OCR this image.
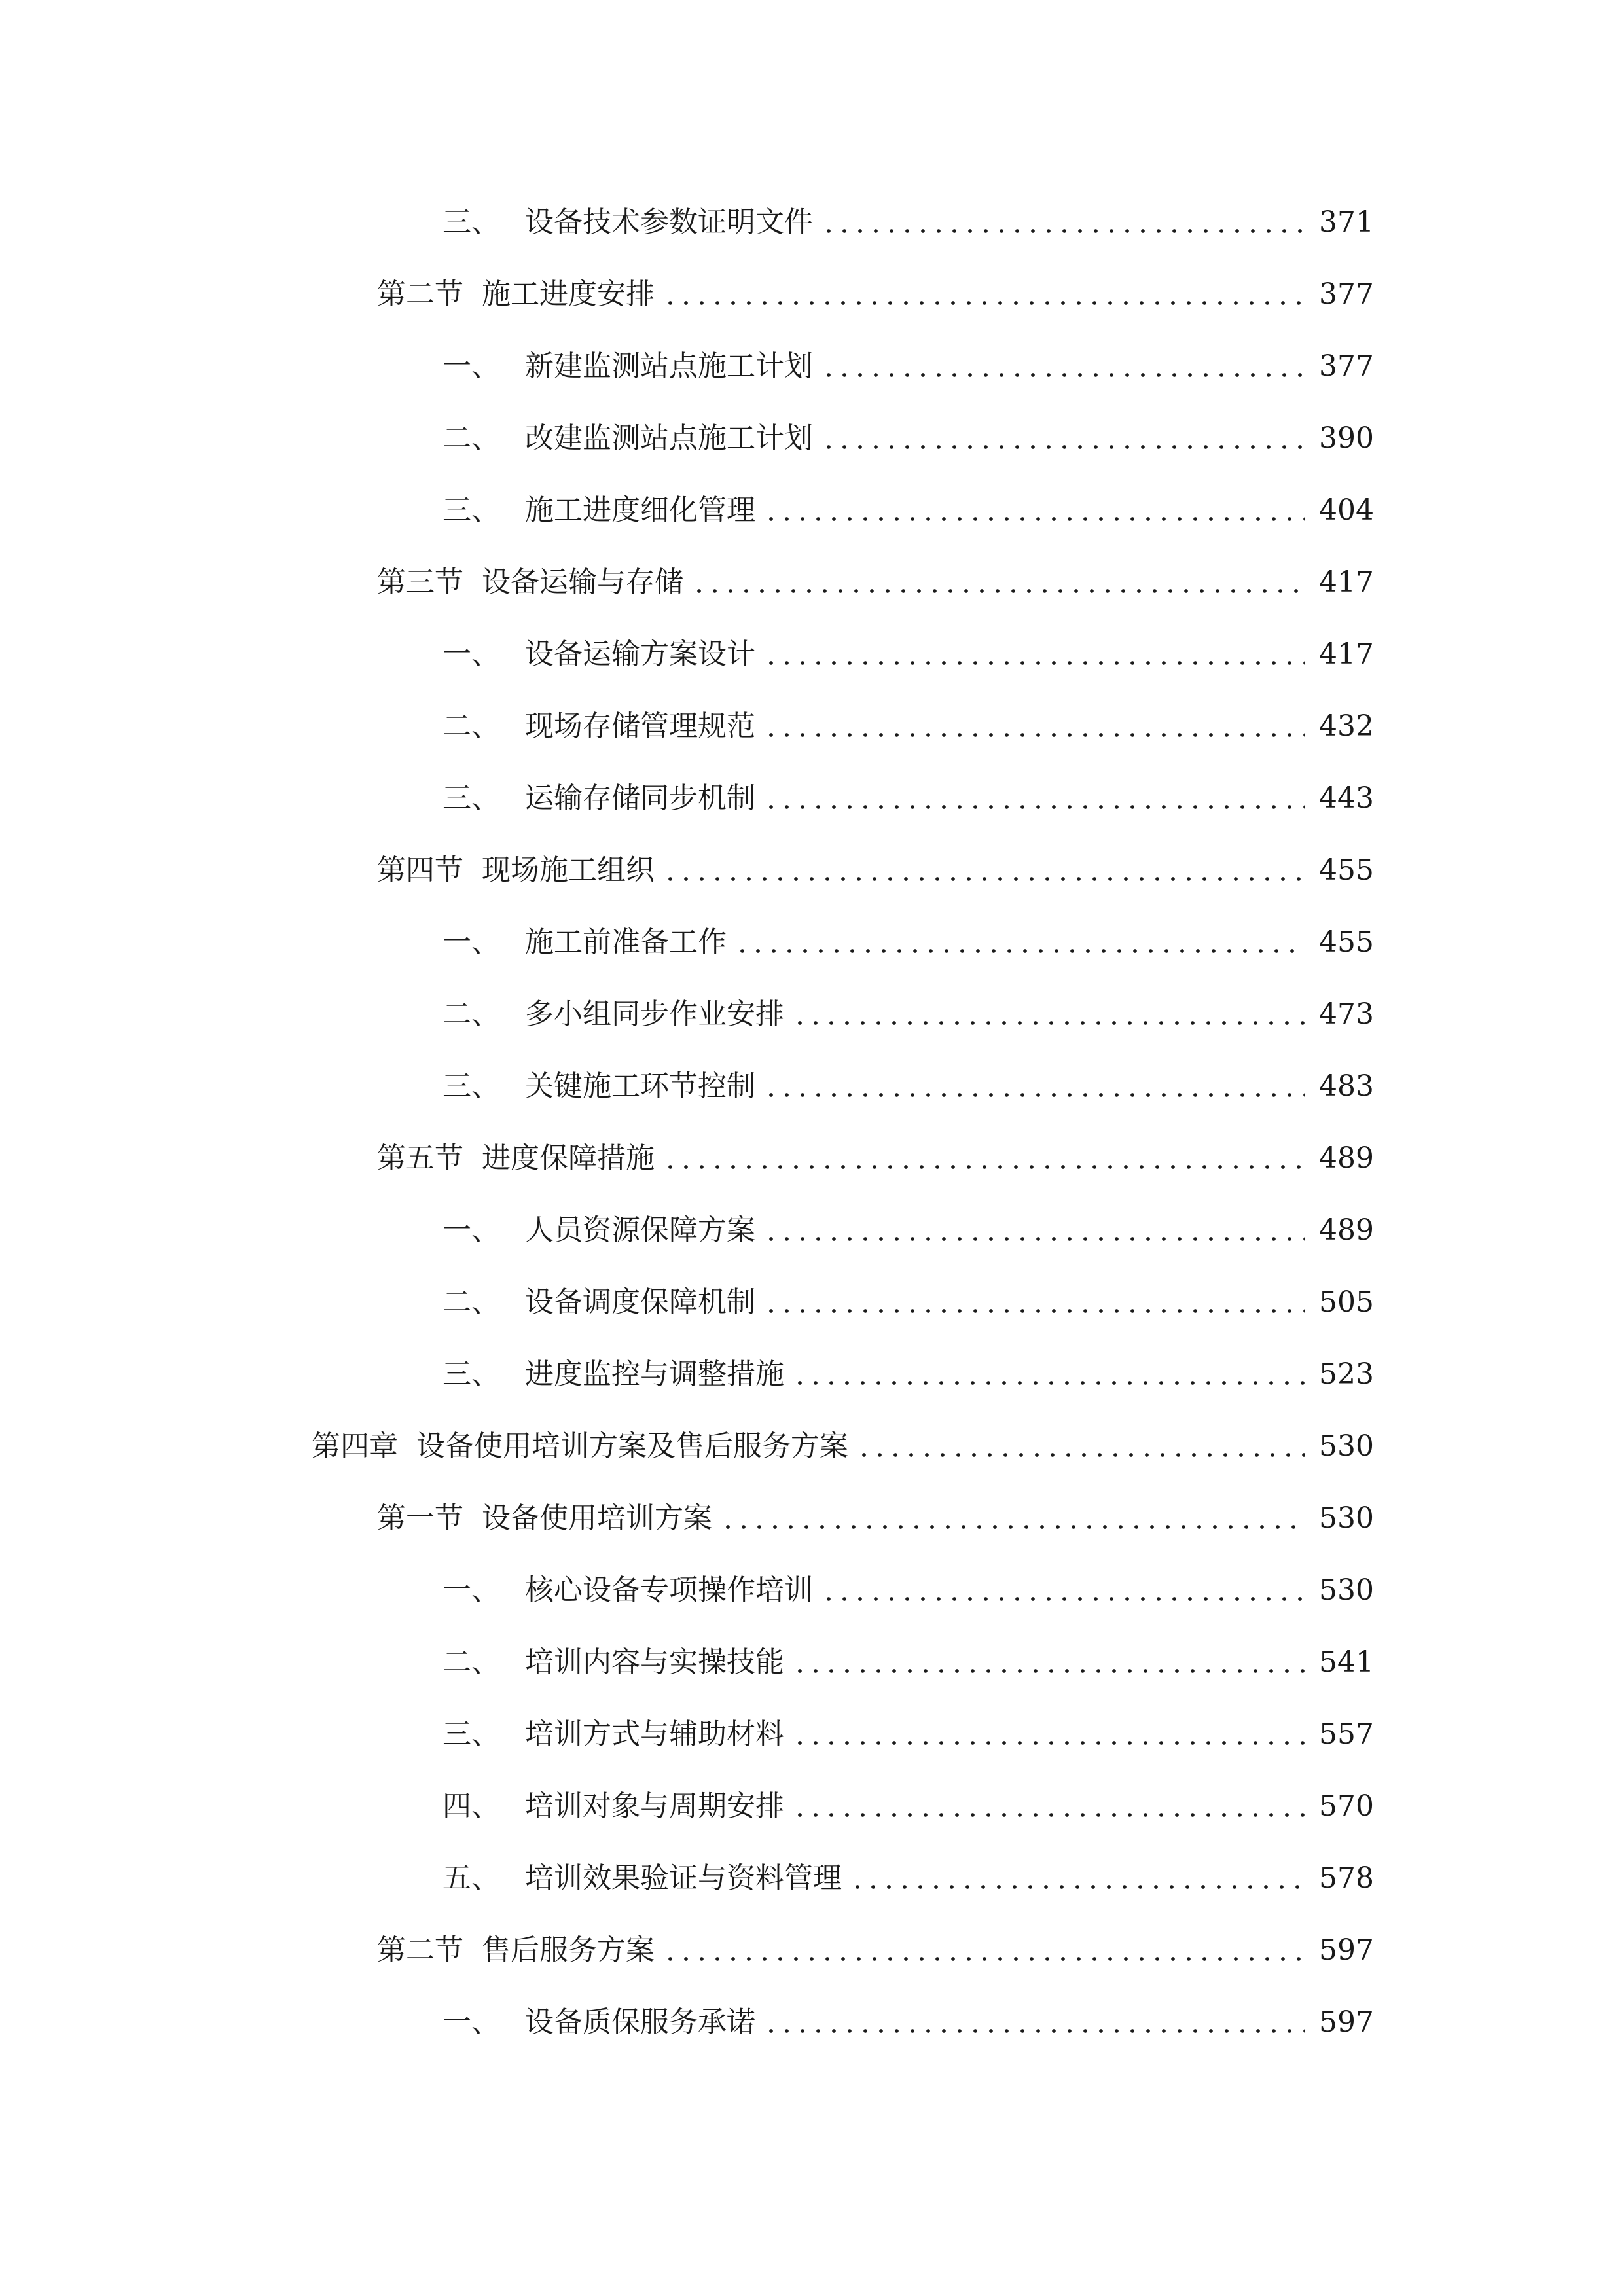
三、 设备技术参数证明文件	371
第二节 施工进度安排	377
一、 新建监测站点施工计划	377
二、 改建监测站点施工计划	390
三、 施工进度细化管理	404
第三节 设备运输与存储	417
一、 设备运输方案设计	417
二、 现场存储管理规范	432
三、 运输存储同步机制	443
第四节 现场施工组织	455
一、 施工前准备工作	455
二、 多小组同步作业安排	473
三、 关键施工环节控制	483
第五节 进度保障措施	489
一、 人员资源保障方案	489
二、 设备调度保障机制	505
三、 进度监控与调整措施	523
第四章 设备使用培训方案及售后服务方案	530
第一节 设备使用培训方案	530
一、 核心设备专项操作培训	530
二、 培训内容与实操技能	541
三、 培训方式与辅助材料	557
四、 培训对象与周期安排	570
五、 培训效果验证与资料管理	578
第二节 售后服务方案	597
一、 设备质保服务承诺	597
